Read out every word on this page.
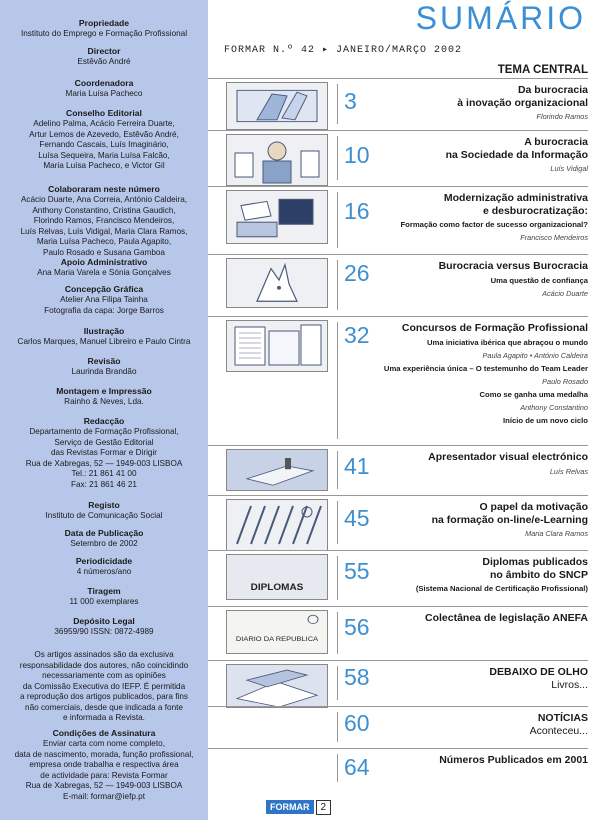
Propriedade
Instituto do Emprego e Formação Profissional
Director
Estêvão André
Coordenadora
Maria Luísa Pacheco
Conselho Editorial
Adelino Palma, Acácio Ferreira Duarte,
Artur Lemos de Azevedo, Estêvão André,
Fernando Cascais, Luís Imaginário,
Luísa Sequeira, Maria Luísa Falcão,
Maria Luísa Pacheco, e Victor Gil
Colaboraram neste número
Acácio Duarte, Ana Correia, António Caldeira,
Anthony Constantino, Cristina Gaudich,
Florindo Ramos, Francisco Mendeiros,
Luís Relvas, Luís Vidigal, Maria Clara Ramos,
Maria Luísa Pacheco, Paula Agapito,
Paulo Rosado e Susana Gamboa
Apoio Administrativo
Ana Maria Varela e Sónia Gonçalves
Concepção Gráfica
Atelier Ana Filipa Tainha
Fotografia da capa: Jorge Barros
Ilustração
Carlos Marques, Manuel Libreiro e Paulo Cintra
Revisão
Laurinda Brandão
Montagem e Impressão
Rainho & Neves, Lda.
Redacção
Departamento de Formação Profissional,
Serviço de Gestão Editorial
das Revistas Formar e Dirigir
Rua de Xabregas, 52 — 1949-003 LISBOA
Tel.: 21 861 41 00
Fax: 21 861 46 21
Registo
Instituto de Comunicação Social
Data de Publicação
Setembro de 2002
Periodicidade
4 números/ano
Tiragem
11 000 exemplares
Depósito Legal
36959/90 ISSN: 0872-4989
Os artigos assinados são da exclusiva
responsabilidade dos autores, não coincidindo
necessariamente com as opiniões
da Comissão Executiva do IEFP. É permitida
a reprodução dos artigos publicados, para fins
não comerciais, desde que indicada a fonte
e informada a Revista.
Condições de Assinatura
Enviar carta com nome completo,
data de nascimento, morada, função profissional,
empresa onde trabalha e respectiva área
de actividade para: Revista Formar
Rua de Xabregas, 52 — 1949-003 LISBOA
E-mail: formar@iefp.pt
SUMÁRIO
FORMAR N.º 42 ▸ JANEIRO/MARÇO 2002
TEMA CENTRAL
3	Da burocracia
à inovação organizacional
Florindo Ramos
10	A burocracia
na Sociedade da Informação
Luís Vidigal
16	Modernização administrativa
e desburocratização:
Formação como factor de sucesso organizacional?
Francisco Mendeiros
26	Burocracia versus Burocracia
Uma questão de confiança
Acácio Duarte
32	Concursos de Formação Profissional
Uma iniciativa ibérica que abraçou o mundo
Paula Agapito • António Caldeira
Uma experiência única – O testemunho do Team Leader
Paulo Rosado
Como se ganha uma medalha
Anthony Constantino
Início de um novo ciclo
41	Apresentador visual electrónico
Luís Relvas
45	O papel da motivação
na formação on-line/e-Learning
Maria Clara Ramos
DIPLOMAS
55	Diplomas publicados
no âmbito do SNCP
(Sistema Nacional de Certificação Profissional)
DIARIO DA REPUBLICA 56	Colectânea de legislação ANEFA
58	DEBAIXO DE OLHO
Livros...
60	NOTÍCIAS
Aconteceu...
64	Números Publicados em 2001
FORMAR 2
